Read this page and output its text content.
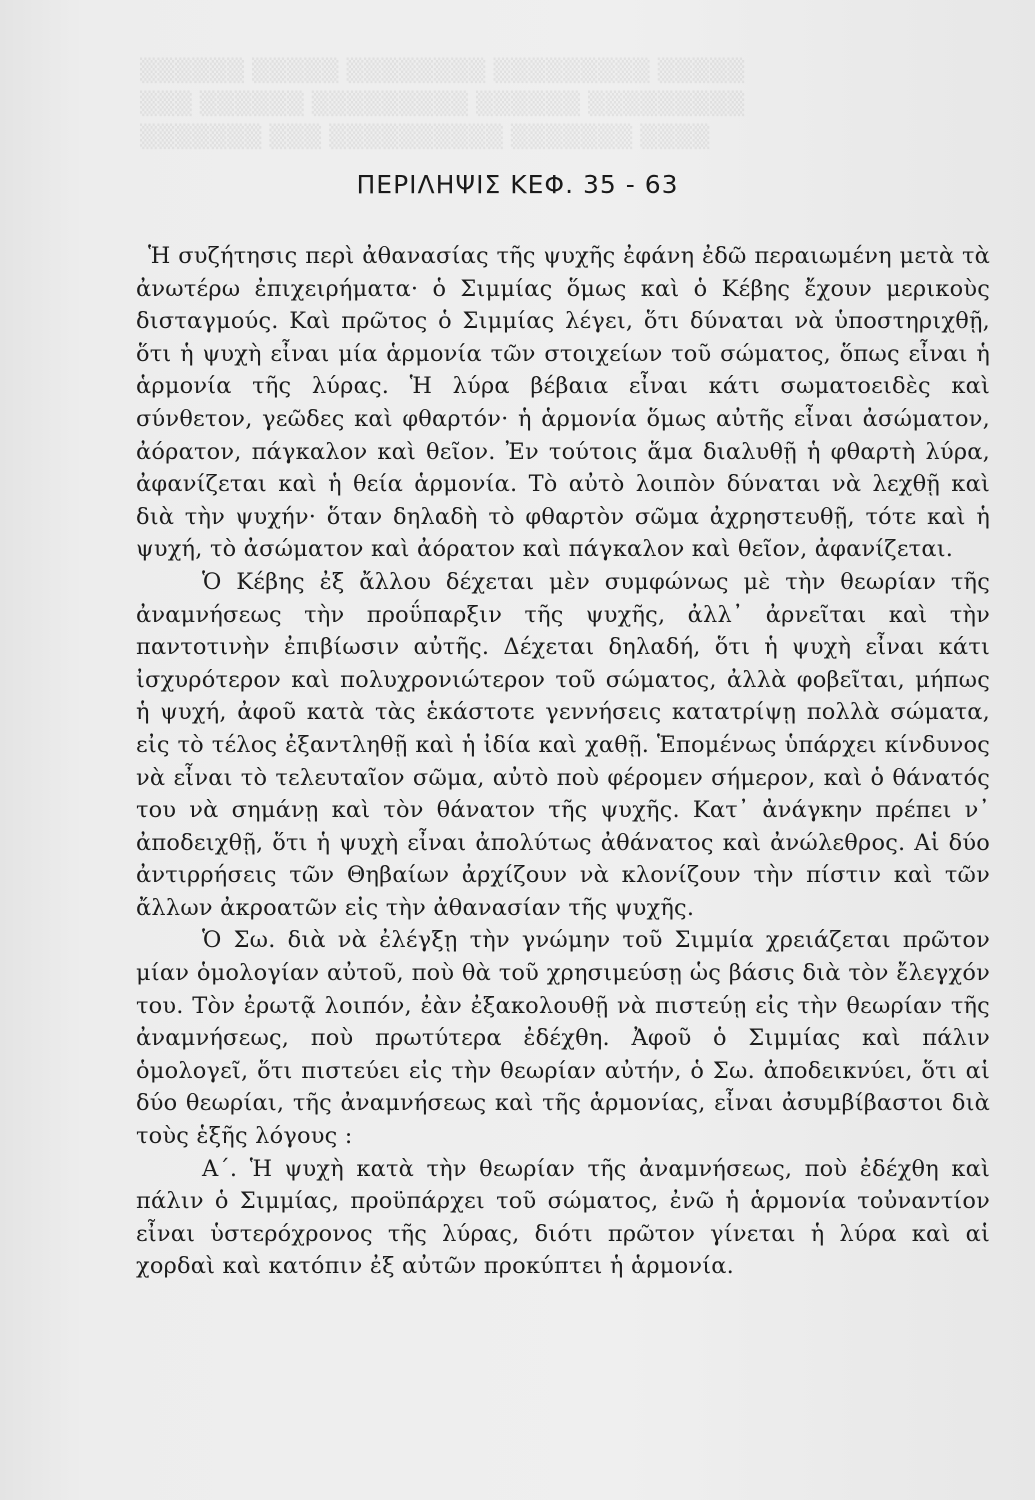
▒▒▒▒▒▒ ▒▒▒▒▒ ▒▒▒▒▒▒▒▒ ▒▒▒▒▒▒▒▒▒ ▒▒▒▒▒
▒▒▒ ▒▒▒▒▒▒ ▒▒▒▒▒▒▒▒▒ ▒▒▒▒▒▒ ▒▒▒▒▒▒▒▒▒
▒▒▒▒▒▒▒ ▒▒▒ ▒▒▒▒▒▒▒▒▒▒ ▒▒▒▒▒▒▒ ▒▒▒▒
ΠΕΡΙΛΗΨΙΣ ΚΕΦ. 35 - 63

Ἡ συζήτησις περὶ ἀθανασίας τῆς ψυχῆς ἐφάνη ἐδῶ περαιωμένη μετὰ τὰ ἀνωτέρω ἐπιχειρήματα· ὁ Σιμμίας ὅμως καὶ ὁ Κέβης ἔχουν μερικοὺς δισταγμούς. Καὶ πρῶτος ὁ Σιμμίας λέγει, ὅτι δύναται νὰ ὑποστηριχθῇ, ὅτι ἡ ψυχὴ εἶναι μία ἁρμονία τῶν στοιχείων τοῦ σώματος, ὅπως εἶναι ἡ ἁρμονία τῆς λύρας. Ἡ λύρα βέβαια εἶναι κάτι σωματοειδὲς καὶ σύνθετον, γεῶδες καὶ φθαρτόν· ἡ ἁρμονία ὅμως αὐτῆς εἶναι ἀσώματον, ἀόρατον, πάγκαλον καὶ θεῖον. Ἐν τούτοις ἅμα διαλυθῇ ἡ φθαρτὴ λύρα, ἀφανίζεται καὶ ἡ θεία ἁρμονία. Τὸ αὐτὸ λοιπὸν δύναται νὰ λεχθῇ καὶ διὰ τὴν ψυχήν· ὅταν δηλαδὴ τὸ φθαρτὸν σῶμα ἀχρηστευθῇ, τότε καὶ ἡ ψυχή, τὸ ἀσώματον καὶ ἀόρατον καὶ πάγκαλον καὶ θεῖον, ἀφανίζεται.

Ὁ Κέβης ἐξ ἄλλου δέχεται μὲν συμφώνως μὲ τὴν θεωρίαν τῆς ἀναμνήσεως τὴν προΰπαρξιν τῆς ψυχῆς, ἀλλ᾽ ἀρνεῖται καὶ τὴν παντοτινὴν ἐπιβίωσιν αὐτῆς. Δέχεται δηλαδή, ὅτι ἡ ψυχὴ εἶναι κάτι ἰσχυρότερον καὶ πολυχρονιώτερον τοῦ σώματος, ἀλλὰ φοβεῖται, μήπως ἡ ψυχή, ἀφοῦ κατὰ τὰς ἑκάστοτε γεννήσεις κατατρίψῃ πολλὰ σώματα, εἰς τὸ τέλος ἐξαντληθῇ καὶ ἡ ἰδία καὶ χαθῇ. Ἑπομένως ὑπάρχει κίνδυνος νὰ εἶναι τὸ τελευταῖον σῶμα, αὐτὸ ποὺ φέρομεν σήμερον, καὶ ὁ θάνατός του νὰ σημάνῃ καὶ τὸν θάνατον τῆς ψυχῆς. Κατ᾽ ἀνάγκην πρέπει ν᾽ ἀποδειχθῇ, ὅτι ἡ ψυχὴ εἶναι ἀπολύτως ἀθάνατος καὶ ἀνώλεθρος. Αἱ δύο ἀντιρρήσεις τῶν Θηβαίων ἀρχίζουν νὰ κλονίζουν τὴν πίστιν καὶ τῶν ἄλλων ἀκροατῶν εἰς τὴν ἀθανασίαν τῆς ψυχῆς.

Ὁ Σω. διὰ νὰ ἐλέγξῃ τὴν γνώμην τοῦ Σιμμία χρειάζεται πρῶτον μίαν ὁμολογίαν αὐτοῦ, ποὺ θὰ τοῦ χρησιμεύσῃ ὡς βάσις διὰ τὸν ἔλεγχόν του. Τὸν ἐρωτᾷ λοιπόν, ἐὰν ἐξακολουθῇ νὰ πιστεύῃ εἰς τὴν θεωρίαν τῆς ἀναμνήσεως, ποὺ πρωτύτερα ἐδέχθη. Ἀφοῦ ὁ Σιμμίας καὶ πάλιν ὁμολογεῖ, ὅτι πιστεύει εἰς τὴν θεωρίαν αὐτήν, ὁ Σω. ἀποδεικνύει, ὅτι αἱ δύο θεωρίαι, τῆς ἀναμνήσεως καὶ τῆς ἁρμονίας, εἶναι ἀσυμβίβαστοι διὰ τοὺς ἑξῆς λόγους :

Α΄. Ἡ ψυχὴ κατὰ τὴν θεωρίαν τῆς ἀναμνήσεως, ποὺ ἐδέχθη καὶ πάλιν ὁ Σιμμίας, προϋπάρχει τοῦ σώματος, ἐνῶ ἡ ἁρμονία τοὐναντίον εἶναι ὑστερόχρονος τῆς λύρας, διότι πρῶτον γίνεται ἡ λύρα καὶ αἱ χορδαὶ καὶ κατόπιν ἐξ αὐτῶν προκύπτει ἡ ἁρμονία.
